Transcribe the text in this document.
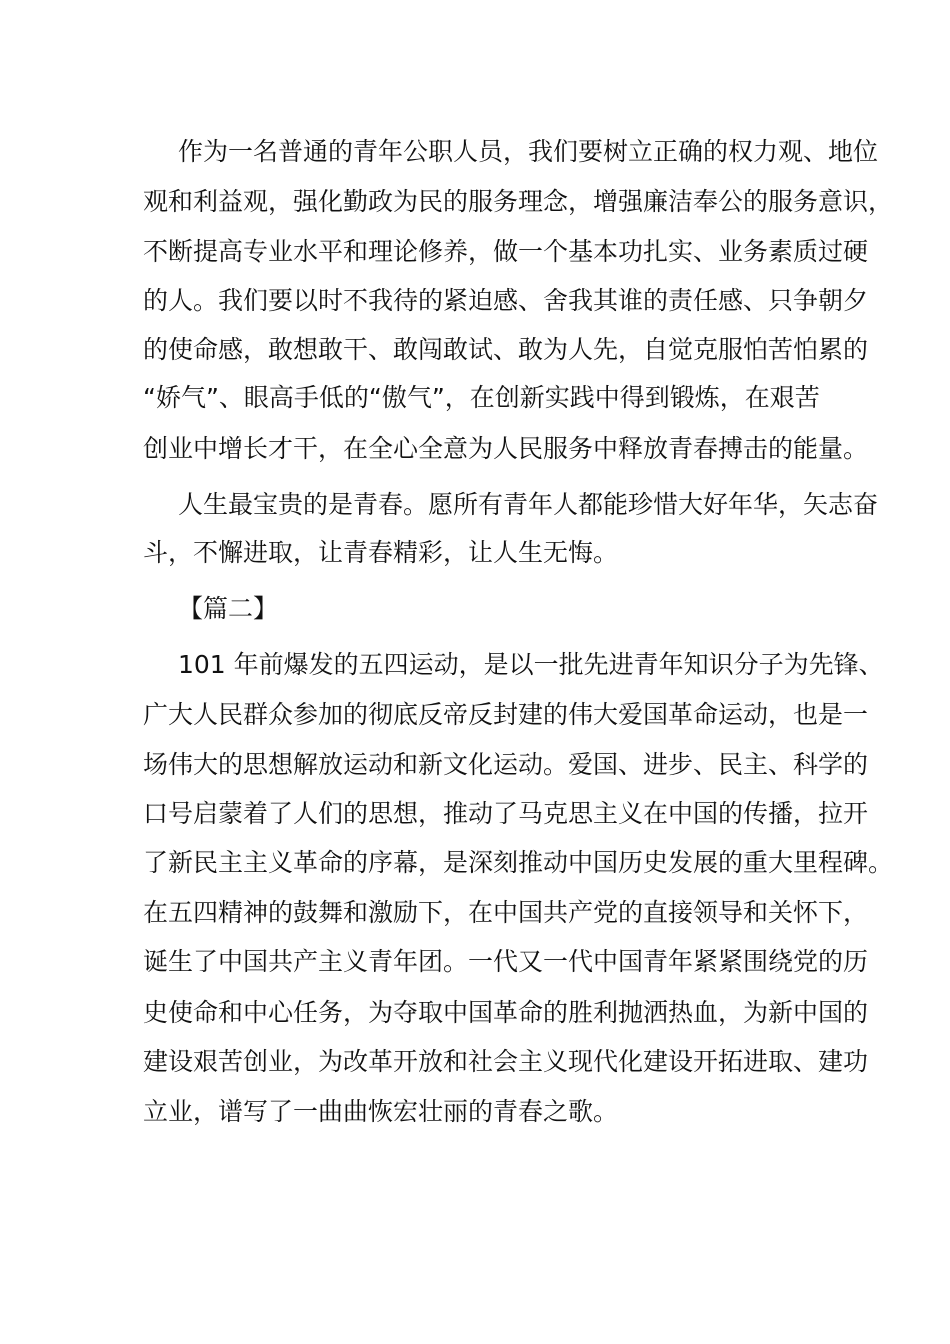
作为一名普通的青年公职人员，我们要树立正确的权力观、地位
观和利益观，强化勤政为民的服务理念，增强廉洁奉公的服务意识，
不断提高专业水平和理论修养，做一个基本功扎实、业务素质过硬
的人。我们要以时不我待的紧迫感、舍我其谁的责任感、只争朝夕
的使命感，敢想敢干、敢闯敢试、敢为人先，自觉克服怕苦怕累的
“娇气”、眼高手低的“傲气”，在创新实践中得到锻炼，在艰苦
创业中增长才干，在全心全意为人民服务中释放青春搏击的能量。
人生最宝贵的是青春。愿所有青年人都能珍惜大好年华，矢志奋
斗，不懈进取，让青春精彩，让人生无悔。
【篇二】
101 年前爆发的五四运动，是以一批先进青年知识分子为先锋、
广大人民群众参加的彻底反帝反封建的伟大爱国革命运动，也是一
场伟大的思想解放运动和新文化运动。爱国、进步、民主、科学的
口号启蒙着了人们的思想，推动了马克思主义在中国的传播，拉开
了新民主主义革命的序幕，是深刻推动中国历史发展的重大里程碑。
在五四精神的鼓舞和激励下，在中国共产党的直接领导和关怀下，
诞生了中国共产主义青年团。一代又一代中国青年紧紧围绕党的历
史使命和中心任务，为夺取中国革命的胜利抛洒热血，为新中国的
建设艰苦创业，为改革开放和社会主义现代化建设开拓进取、建功
立业，谱写了一曲曲恢宏壮丽的青春之歌。
